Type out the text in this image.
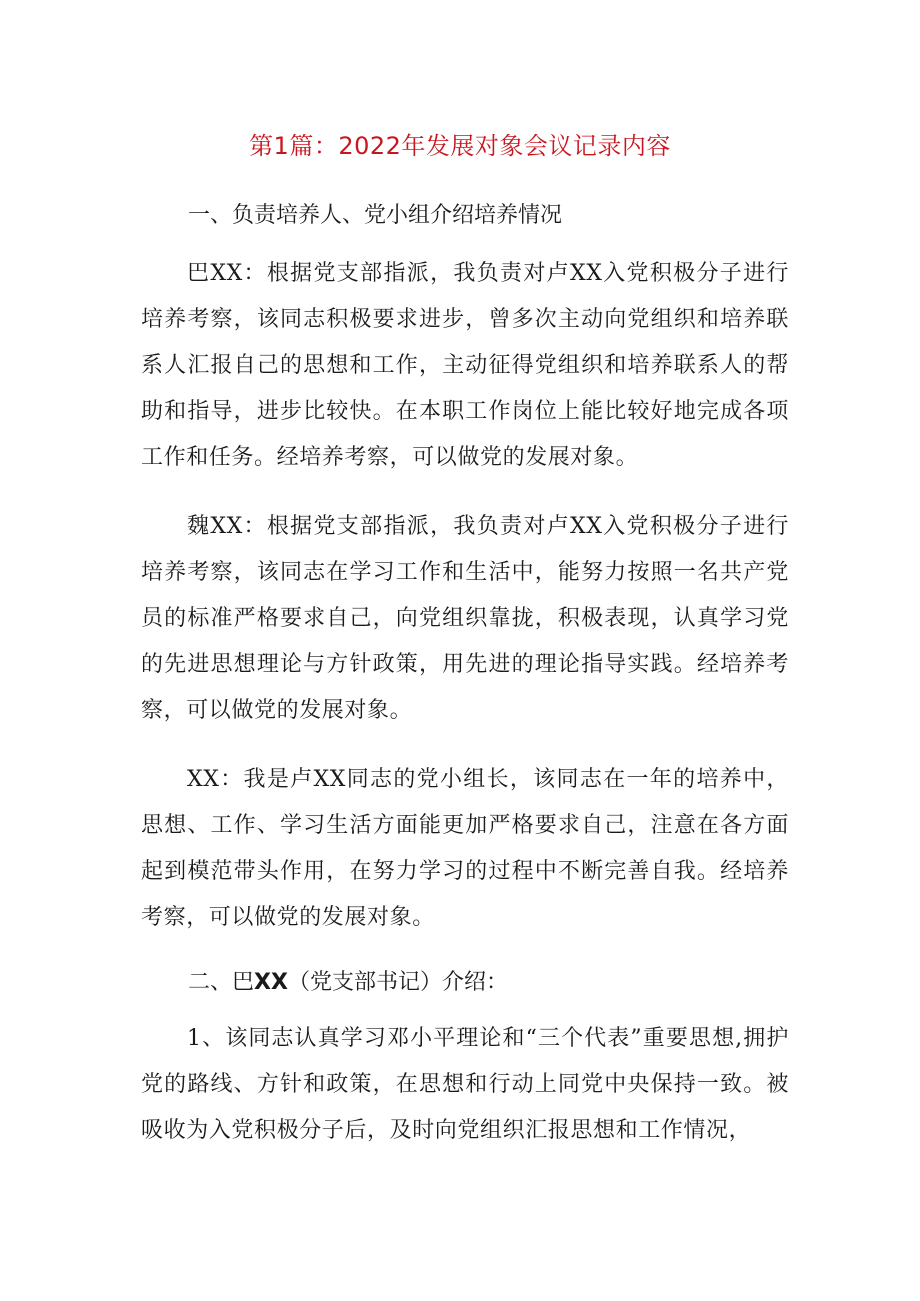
第1篇：2022年发展对象会议记录内容
一、负责培养人、党小组介绍培养情况
巴XX：根据党支部指派，我负责对卢XX入党积极分子进行培养考察，该同志积极要求进步，曾多次主动向党组织和培养联系人汇报自己的思想和工作，主动征得党组织和培养联系人的帮助和指导，进步比较快。在本职工作岗位上能比较好地完成各项工作和任务。经培养考察，可以做党的发展对象。
魏XX：根据党支部指派，我负责对卢XX入党积极分子进行培养考察，该同志在学习工作和生活中，能努力按照一名共产党员的标准严格要求自己，向党组织靠拢，积极表现，认真学习党的先进思想理论与方针政策，用先进的理论指导实践。经培养考察，可以做党的发展对象。
XX：我是卢XX同志的党小组长，该同志在一年的培养中，思想、工作、学习生活方面能更加严格要求自己，注意在各方面起到模范带头作用，在努力学习的过程中不断完善自我。经培养考察，可以做党的发展对象。
二、巴XX（党支部书记）介绍：
1、该同志认真学习邓小平理论和“三个代表”重要思想,拥护党的路线、方针和政策，在思想和行动上同党中央保持一致。被吸收为入党积极分子后，及时向党组织汇报思想和工作情况，
